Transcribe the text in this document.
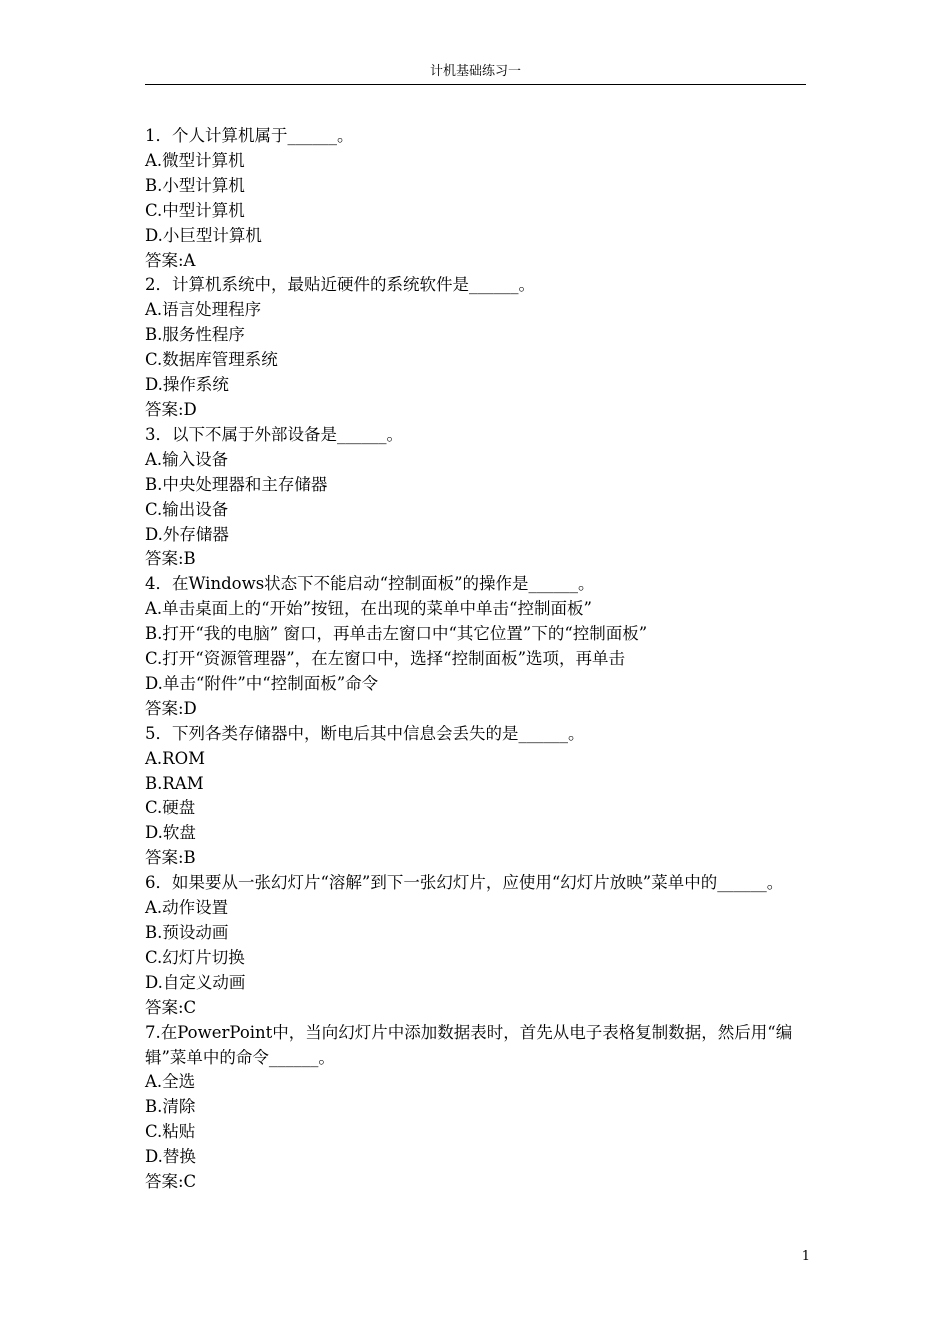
计机基础练习一

1．个人计算机属于______。

A.微型计算机

B.小型计算机

C.中型计算机

D.小巨型计算机

答案:A

2．计算机系统中，最贴近硬件的系统软件是______。

A.语言处理程序

B.服务性程序

C.数据库管理系统

D.操作系统

答案:D

3．以下不属于外部设备是______。

A.输入设备

B.中央处理器和主存储器

C.输出设备

D.外存储器

答案:B

4．在Windows状态下不能启动“控制面板”的操作是______。

A.单击桌面上的“开始”按钮，在出现的菜单中单击“控制面板”

B.打开“我的电脑” 窗口，再单击左窗口中“其它位置”下的“控制面板”

C.打开“资源管理器”，在左窗口中，选择“控制面板”选项，再单击

D.单击“附件”中“控制面板”命令

答案:D

5．下列各类存储器中，断电后其中信息会丢失的是______。

A.ROM

B.RAM

C.硬盘

D.软盘

答案:B

6．如果要从一张幻灯片“溶解”到下一张幻灯片，应使用“幻灯片放映”菜单中的______。

A.动作设置

B.预设动画

C.幻灯片切换

D.自定义动画

答案:C

7.在PowerPoint中，当向幻灯片中添加数据表时，首先从电子表格复制数据，然后用“编辑”菜单中的命令______。

A.全选

B.清除

C.粘贴

D.替换

答案:C

1
